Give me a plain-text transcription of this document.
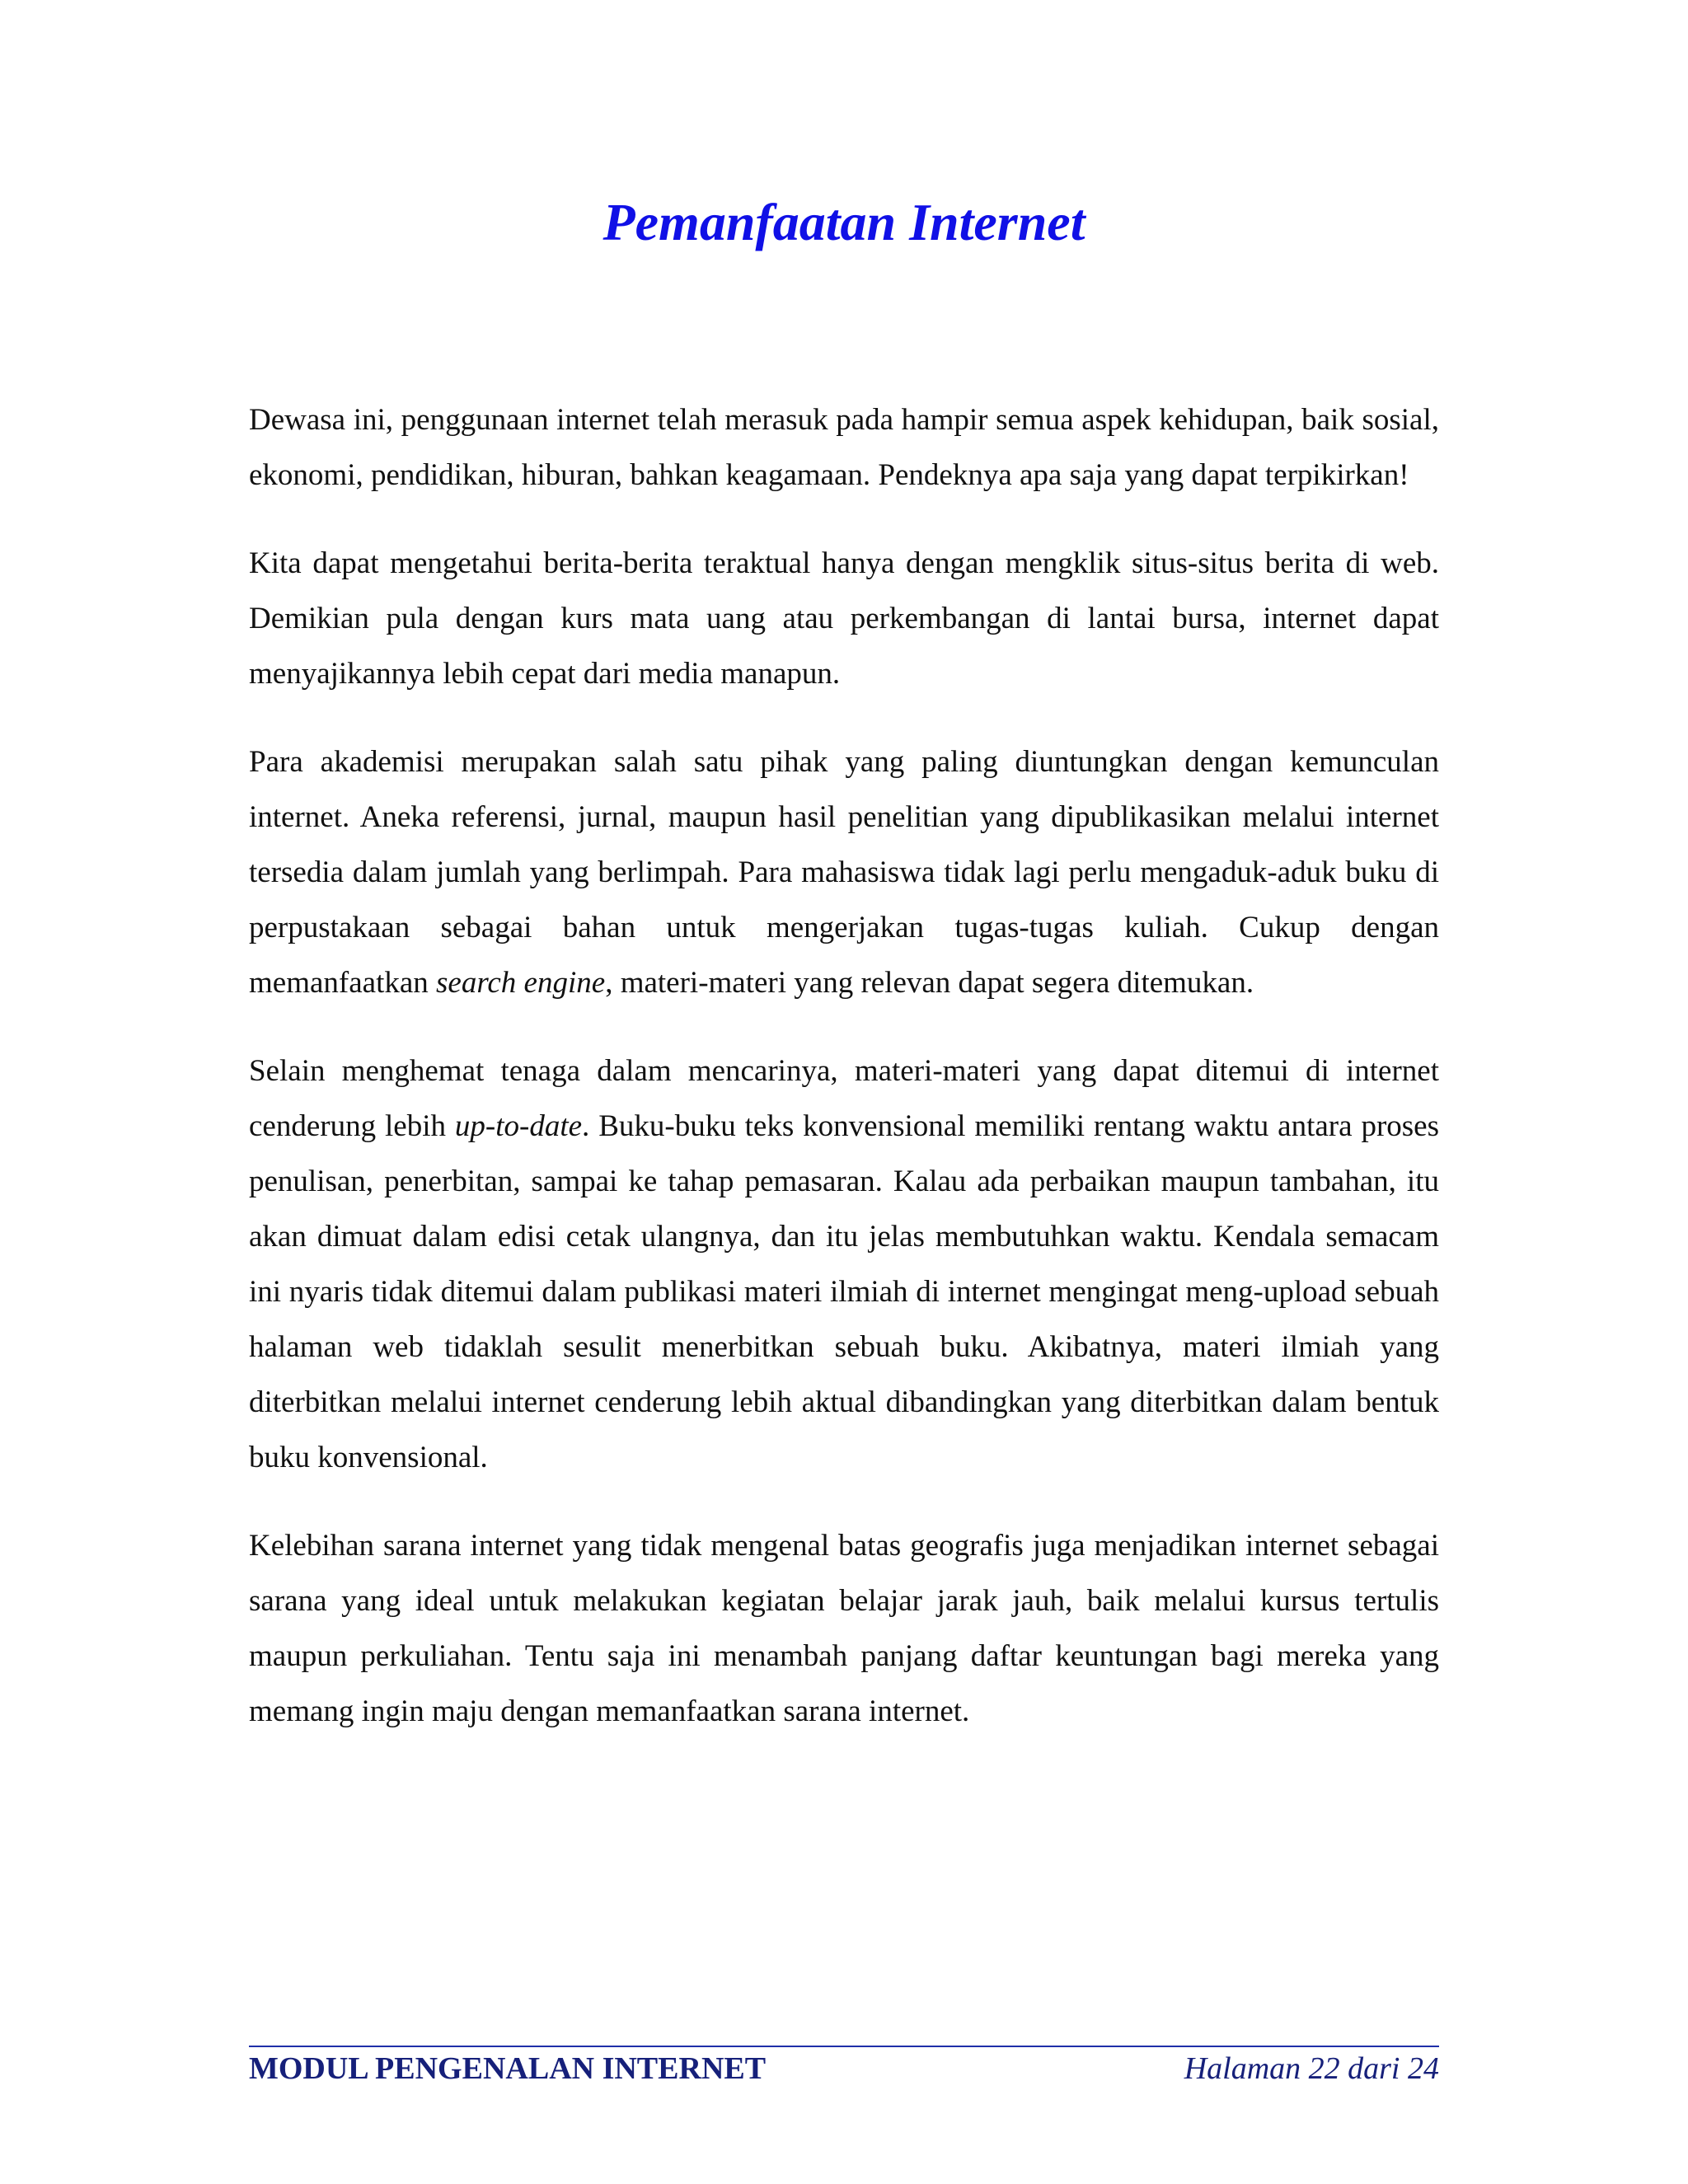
Pemanfaatan Internet

Dewasa ini, penggunaan internet telah merasuk pada hampir semua aspek kehidupan, baik sosial, ekonomi, pendidikan, hiburan, bahkan keagamaan. Pendeknya apa saja yang dapat terpikirkan!

Kita dapat mengetahui berita-berita teraktual hanya dengan mengklik situs-situs berita di web. Demikian pula dengan kurs mata uang atau perkembangan di lantai bursa, internet dapat menyajikannya lebih cepat dari media manapun.

Para akademisi merupakan salah satu pihak yang paling diuntungkan dengan kemunculan internet. Aneka referensi, jurnal, maupun hasil penelitian yang dipublikasikan melalui internet tersedia dalam jumlah yang berlimpah. Para mahasiswa tidak lagi perlu mengaduk-aduk buku di perpustakaan sebagai bahan untuk mengerjakan tugas-tugas kuliah. Cukup dengan memanfaatkan search engine, materi-materi yang relevan dapat segera ditemukan.

Selain menghemat tenaga dalam mencarinya, materi-materi yang dapat ditemui di internet cenderung lebih up-to-date. Buku-buku teks konvensional memiliki rentang waktu antara proses penulisan, penerbitan, sampai ke tahap pemasaran. Kalau ada perbaikan maupun tambahan, itu akan dimuat dalam edisi cetak ulangnya, dan itu jelas membutuhkan waktu. Kendala semacam ini nyaris tidak ditemui dalam publikasi materi ilmiah di internet mengingat meng-upload sebuah halaman web tidaklah sesulit menerbitkan sebuah buku. Akibatnya, materi ilmiah yang diterbitkan melalui internet cenderung lebih aktual dibandingkan yang diterbitkan dalam bentuk buku konvensional.

Kelebihan sarana internet yang tidak mengenal batas geografis juga menjadikan internet sebagai sarana yang ideal untuk melakukan kegiatan belajar jarak jauh, baik melalui kursus tertulis maupun perkuliahan. Tentu saja ini menambah panjang daftar keuntungan bagi mereka yang memang ingin maju dengan memanfaatkan sarana internet.

MODUL PENGENALAN INTERNET	Halaman 22 dari 24
